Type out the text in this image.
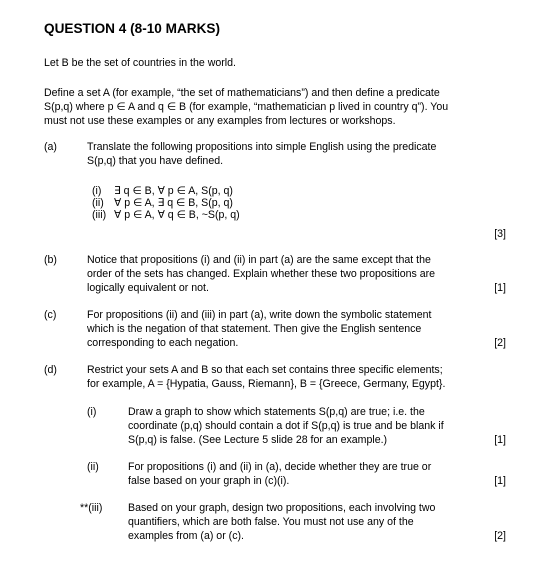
QUESTION 4 (8-10 MARKS)
Let B be the set of countries in the world.
Define a set A (for example, “the set of mathematicians”) and then define a predicate
S(p,q) where p ∈ A and q ∈ B (for example, “mathematician p lived in country q”). You
must not use these examples or any examples from lectures or workshops.
(a)	Translate the following propositions into simple English using the predicate
S(p,q) that you have defined.
(i) ∃ q ∈ B, ∀ p ∈ A, S(p, q)
(ii) ∀ p ∈ A, ∃ q ∈ B, S(p, q)
(iii) ∀ p ∈ A, ∀ q ∈ B, ~S(p, q)
[3]
(b)	Notice that propositions (i) and (ii) in part (a) are the same except that the
order of the sets has changed. Explain whether these two propositions are
logically equivalent or not.	[1]
(c)	For propositions (ii) and (iii) in part (a), write down the symbolic statement
which is the negation of that statement. Then give the English sentence
corresponding to each negation.	[2]
(d)	Restrict your sets A and B so that each set contains three specific elements;
for example, A = {Hypatia, Gauss, Riemann}, B = {Greece, Germany, Egypt}.
(i)	Draw a graph to show which statements S(p,q) are true; i.e. the
coordinate (p,q) should contain a dot if S(p,q) is true and be blank if
S(p,q) is false. (See Lecture 5 slide 28 for an example.)	[1]
(ii)	For propositions (i) and (ii) in (a), decide whether they are true or
false based on your graph in (c)(i).	[1]
**(iii) Based on your graph, design two propositions, each involving two
quantifiers, which are both false. You must not use any of the
examples from (a) or (c).	[2]
